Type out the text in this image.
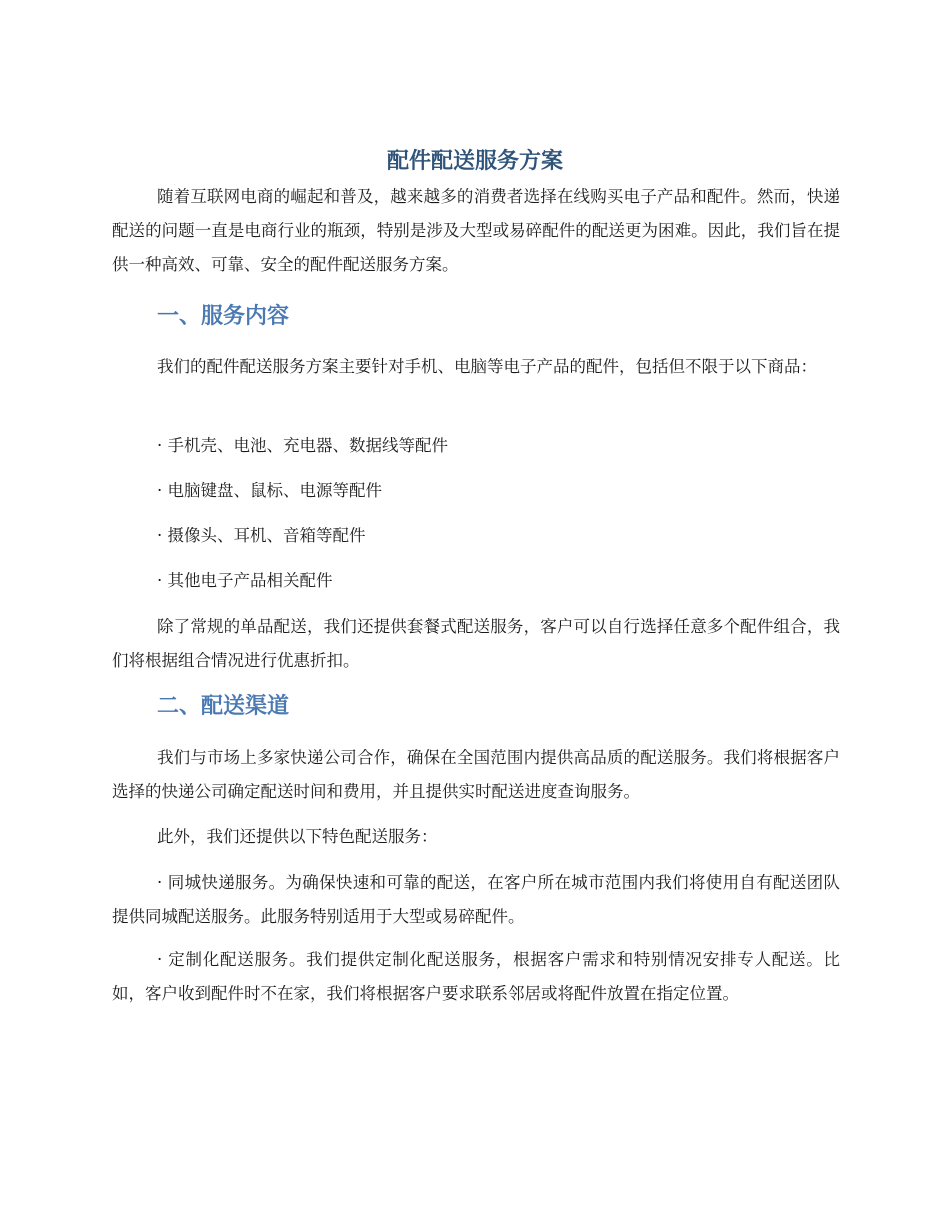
配件配送服务方案

随着互联网电商的崛起和普及，越来越多的消费者选择在线购买电子产品和配件。然而，快递配送的问题一直是电商行业的瓶颈，特别是涉及大型或易碎配件的配送更为困难。因此，我们旨在提供一种高效、可靠、安全的配件配送服务方案。

一、服务内容

我们的配件配送服务方案主要针对手机、电脑等电子产品的配件，包括但不限于以下商品：

· 手机壳、电池、充电器、数据线等配件

· 电脑键盘、鼠标、电源等配件

· 摄像头、耳机、音箱等配件

· 其他电子产品相关配件

除了常规的单品配送，我们还提供套餐式配送服务，客户可以自行选择任意多个配件组合，我们将根据组合情况进行优惠折扣。

二、配送渠道

我们与市场上多家快递公司合作，确保在全国范围内提供高品质的配送服务。我们将根据客户选择的快递公司确定配送时间和费用，并且提供实时配送进度查询服务。

此外，我们还提供以下特色配送服务：

· 同城快递服务。为确保快速和可靠的配送，在客户所在城市范围内我们将使用自有配送团队提供同城配送服务。此服务特别适用于大型或易碎配件。

· 定制化配送服务。我们提供定制化配送服务，根据客户需求和特别情况安排专人配送。比如，客户收到配件时不在家，我们将根据客户要求联系邻居或将配件放置在指定位置。
